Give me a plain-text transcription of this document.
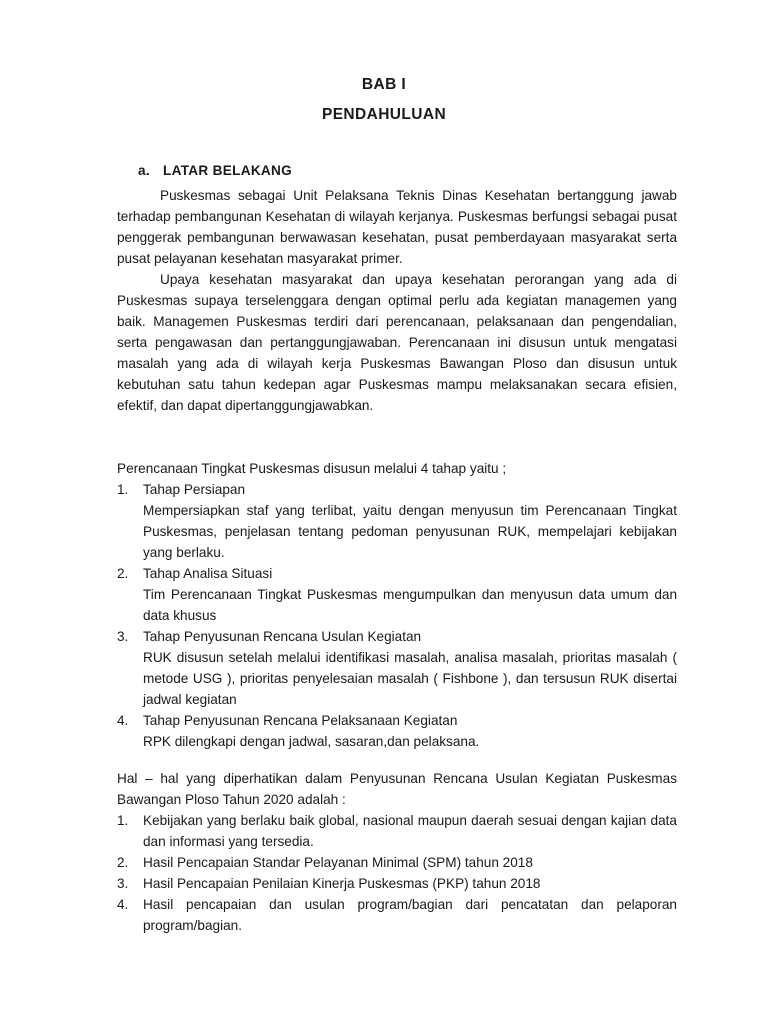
BAB I
PENDAHULUAN
a. LATAR BELAKANG

Puskesmas sebagai Unit Pelaksana Teknis Dinas Kesehatan bertanggung jawab terhadap pembangunan Kesehatan di wilayah kerjanya. Puskesmas berfungsi sebagai pusat penggerak pembangunan berwawasan kesehatan, pusat pemberdayaan masyarakat serta pusat pelayanan kesehatan masyarakat primer.

Upaya kesehatan masyarakat dan upaya kesehatan perorangan yang ada di Puskesmas supaya terselenggara dengan optimal perlu ada kegiatan managemen yang baik. Managemen Puskesmas terdiri dari perencanaan, pelaksanaan dan pengendalian, serta pengawasan dan pertanggungjawaban. Perencanaan ini disusun untuk mengatasi masalah yang ada di wilayah kerja Puskesmas Bawangan Ploso dan disusun untuk kebutuhan satu tahun kedepan agar Puskesmas mampu melaksanakan secara efisien, efektif, dan dapat dipertanggungjawabkan.

Perencanaan Tingkat Puskesmas disusun melalui 4 tahap yaitu ;

1. Tahap Persiapan
Mempersiapkan staf yang terlibat, yaitu dengan menyusun tim Perencanaan Tingkat Puskesmas, penjelasan tentang pedoman penyusunan RUK, mempelajari kebijakan yang berlaku.
2. Tahap Analisa Situasi
Tim Perencanaan Tingkat Puskesmas mengumpulkan dan menyusun data umum dan data khusus
3. Tahap Penyusunan Rencana Usulan Kegiatan
RUK disusun setelah melalui identifikasi masalah, analisa masalah, prioritas masalah ( metode USG ), prioritas penyelesaian masalah ( Fishbone ), dan tersusun RUK disertai jadwal kegiatan
4. Tahap Penyusunan Rencana Pelaksanaan Kegiatan
RPK dilengkapi dengan jadwal, sasaran,dan pelaksana.

Hal – hal yang diperhatikan dalam Penyusunan Rencana Usulan Kegiatan Puskesmas Bawangan Ploso Tahun 2020 adalah :

1. Kebijakan yang berlaku baik global, nasional maupun daerah sesuai dengan kajian data dan informasi yang tersedia.
2. Hasil Pencapaian Standar Pelayanan Minimal (SPM) tahun 2018
3. Hasil Pencapaian Penilaian Kinerja Puskesmas (PKP) tahun 2018
4. Hasil pencapaian dan usulan program/bagian dari pencatatan dan pelaporan program/bagian.
